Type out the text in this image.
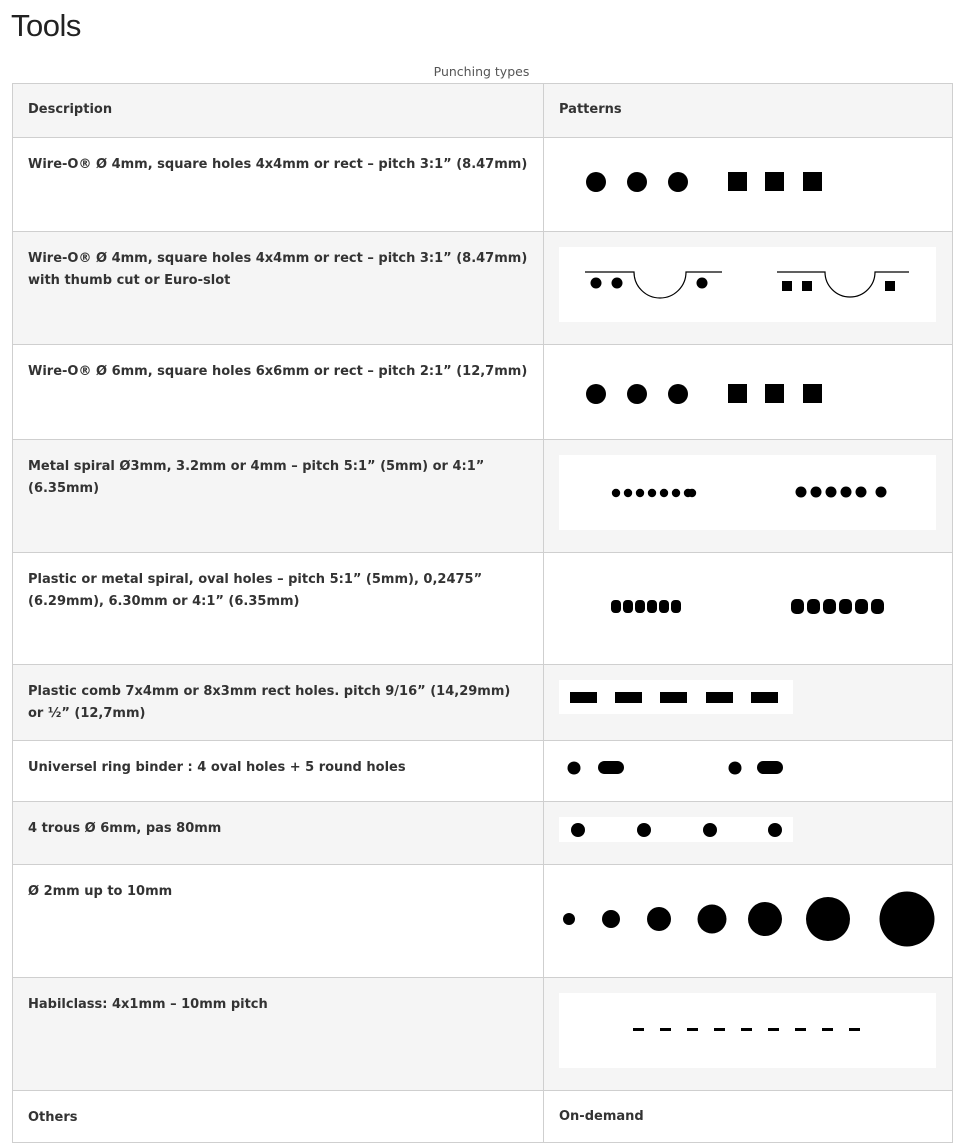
Tools
Punching types
Description	Patterns

Wire-O® Ø 4mm, square holes 4x4mm or rect – pitch 3:1” (8.47mm)

Wire-O® Ø 4mm, square holes 4x4mm or rect – pitch 3:1” (8.47mm) with thumb cut or Euro-slot

Wire-O® Ø 6mm, square holes 6x6mm or rect – pitch 2:1” (12,7mm)

Metal spiral Ø3mm, 3.2mm or 4mm – pitch 5:1” (5mm) or 4:1” (6.35mm)

Plastic or metal spiral, oval holes – pitch 5:1” (5mm), 0,2475” (6.29mm), 6.30mm or 4:1” (6.35mm)

Plastic comb 7x4mm or 8x3mm rect holes. pitch 9/16” (14,29mm) or ½” (12,7mm)

Universel ring binder : 4 oval holes + 5 round holes

4 trous Ø 6mm, pas 80mm

Ø 2mm up to 10mm

Habilclass: 4x1mm – 10mm pitch

Others	On-demand
